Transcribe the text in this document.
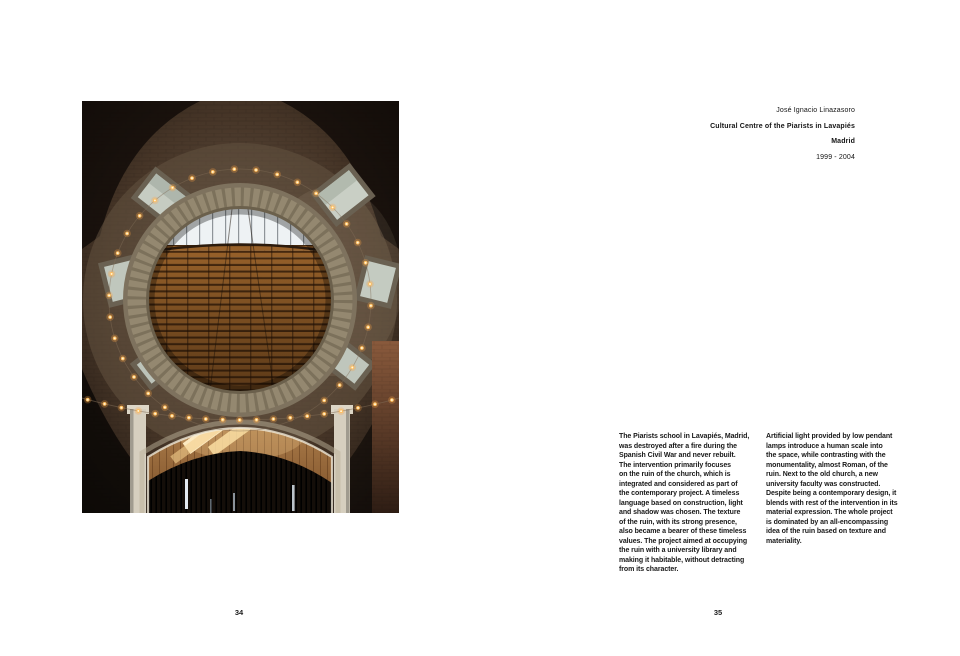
34
José Ignacio Linazasoro
Cultural Centre of the Piarists in Lavapiés
Madrid
1999 - 2004
The Piarists school in Lavapiés, Madrid,
was destroyed after a fire during the
Spanish Civil War and never rebuilt.
The intervention primarily focuses
on the ruin of the church, which is
integrated and considered as part of
the contemporary project. A timeless
language based on construction, light
and shadow was chosen. The texture
of the ruin, with its strong presence,
also became a bearer of these timeless
values. The project aimed at occupying
the ruin with a university library and
making it habitable, without detracting
from its character.
Artificial light provided by low pendant
lamps introduce a human scale into
the space, while contrasting with the
monumentality, almost Roman, of the
ruin. Next to the old church, a new
university faculty was constructed.
Despite being a contemporary design, it
blends with rest of the intervention in its
material expression. The whole project
is dominated by an all-encompassing
idea of the ruin based on texture and
materiality.
35
